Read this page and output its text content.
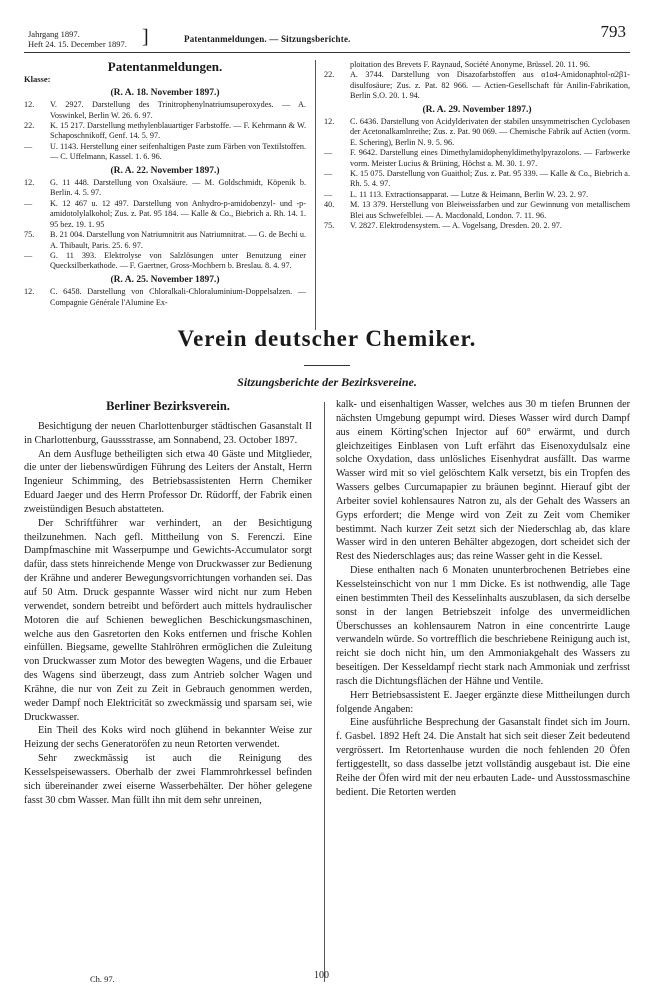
Jahrgang 1897.
Heft 24. 15. December 1897. ]	Patentanmeldungen. — Sitzungsberichte.	793
Patentanmeldungen.
Klasse:
(R. A. 18. November 1897.)
12.	V. 2927. Darstellung des Trinitrophenylnatriumsuperoxydes. — A. Voswinkel, Berlin W. 26. 6. 97.
22.	K. 15 217. Darstellung methylenblauartiger Farbstoffe. — F. Kehrmann & W. Schaposchnikoff, Genf. 14. 5. 97.
—	U. 1143. Herstellung einer seifenhaltigen Paste zum Färben von Textilstoffen. — C. Uffelmann, Kassel. 1. 6. 96.
(R. A. 22. November 1897.)
12.	G. 11 448. Darstellung von Oxalsäure. — M. Goldschmidt, Köpenik b. Berlin. 4. 5. 97.
—	K. 12 467 u. 12 497. Darstellung von Anhydro-p-amidobenzyl- und -p-amidotolylalkohol; Zus. z. Pat. 95 184. — Kalle & Co., Biebrich a. Rh. 14. 1. 95 bez. 19. 1. 95
75.	B. 21 004. Darstellung von Natriumnitrit aus Natriumnitrat. — G. de Bechi u. A. Thibault, Paris. 25. 6. 97.
—	G. 11 393. Elektrolyse von Salzlösungen unter Benutzung einer Quecksilberkathode. — F. Gaertner, Gross-Mochbern b. Breslau. 8. 4. 97.
(R. A. 25. November 1897.)
12.	C. 6458. Darstellung von Chloralkali-Chloraluminium-Doppelsalzen. — Compagnie Générale l'Alumine Ex-
ploitation des Brevets F. Raynaud, Société Anonyme, Brüssel. 20. 11. 96.
22.	A. 3744. Darstellung von Disazofarbstoffen aus α1α4-Amidonaphtol-α2β1-disulfosäure; Zus. z. Pat. 82 966. — Actien-Gesellschaft für Anilin-Fabrikation, Berlin S.O. 20. 1. 94.
(R. A. 29. November 1897.)
12.	C. 6436. Darstellung von Acidylderivaten der stabilen unsymmetrischen Cyclobasen der Acetonalkamlnreihe; Zus. z. Pat. 90 069. — Chemische Fabrik auf Actien (vorm. E. Schering), Berlin N. 9. 5. 96.
—	F. 9642. Darstellung eines Dimethylamidophenyldimethylpyrazolons. — Farbwerke vorm. Meister Lucius & Brüning, Höchst a. M. 30. 1. 97.
—	K. 15 075. Darstellung von Guaithol; Zus. z. Pat. 95 339. — Kalle & Co., Biebrich a. Rh. 5. 4. 97.
—	L. 11 113. Extractionsapparat. — Lutze & Heimann, Berlin W. 23. 2. 97.
40.	M. 13 379. Herstellung von Bleiweissfarben und zur Gewinnung von metallischem Blei aus Schwefelblei. — A. Macdonald, London. 7. 11. 96.
75.	V. 2827. Elektrodensystem. — A. Vogelsang, Dresden. 20. 2. 97.
Verein deutscher Chemiker.
Sitzungsberichte der Bezirksvereine.
Berliner Bezirksverein.

Besichtigung der neuen Charlottenburger städtischen Gasanstalt II in Charlottenburg, Gaussstrasse, am Sonnabend, 23. October 1897.

An dem Ausfluge betheiligten sich etwa 40 Gäste und Mitglieder, die unter der liebenswürdigen Führung des Leiters der Anstalt, Herrn Ingenieur Schimming, des Betriebsassistenten Herrn Chemiker Eduard Jaeger und des Herrn Professor Dr. Rüdorff, der Fabrik einen zweistündigen Besuch abstatteten.

Der Schriftführer war verhindert, an der Besichtigung theilzunehmen. Nach gefl. Mittheilung von S. Ferenczi. Eine Dampfmaschine mit Wasserpumpe und Gewichts-Accumulator sorgt dafür, dass stets hinreichende Menge von Druckwasser zur Bedienung der Krähne und anderer Bewegungsvorrichtungen vorhanden sei. Das auf 50 Atm. Druck gespannte Wasser wird nicht nur zum Heben verwendet, sondern betreibt und befördert auch mittels hydraulischer Motoren die auf Schienen beweglichen Beschickungsmaschinen, welche aus den Gasretorten den Koks entfernen und frische Kohlen einfüllen. Biegsame, gewellte Stahlröhren ermöglichen die Zuleitung von Druckwasser zum Motor des bewegten Wagens, und die Erbauer des Wagens sind überzeugt, dass zum Antrieb solcher Wagen und Krähne, die nur von Zeit zu Zeit in Gebrauch genommen werden, weder Dampf noch Elektricität so zweckmässig und sparsam sei, wie Druckwasser.

Ein Theil des Koks wird noch glühend in bekannter Weise zur Heizung der sechs Generatoröfen zu neun Retorten verwendet.

Sehr zweckmässig ist auch die Reinigung des Kesselspeisewassers. Oberhalb der zwei Flammrohrkessel befinden sich übereinander zwei eiserne Wasserbehälter. Der höher gelegene fasst 30 cbm Wasser. Man füllt ihn mit dem sehr unreinen,

kalk- und eisenhaltigen Wasser, welches aus 30 m tiefen Brunnen der nächsten Umgebung gepumpt wird. Dieses Wasser wird durch Dampf aus einem Körting'schen Injector auf 60° erwärmt, und durch gleichzeitiges Einblasen von Luft erfährt das Eisenoxydulsalz eine solche Oxydation, dass unlösliches Eisenhydrat ausfällt. Das warme Wasser wird mit so viel gelöschtem Kalk versetzt, bis ein Tropfen des Wassers gelbes Curcumapapier zu bräunen beginnt. Hierauf gibt der Arbeiter soviel kohlensaures Natron zu, als der Gehalt des Wassers an Gyps erfordert; die Menge wird von Zeit zu Zeit vom Chemiker bestimmt. Nach kurzer Zeit setzt sich der Niederschlag ab, das klare Wasser wird in den unteren Behälter abgezogen, dort scheidet sich der Rest des Niederschlages aus; das reine Wasser geht in die Kessel.

Diese enthalten nach 6 Monaten ununterbrochenen Betriebes eine Kesselsteinschicht von nur 1 mm Dicke. Es ist nothwendig, alle Tage einen bestimmten Theil des Kesselinhalts auszublasen, da sich derselbe sonst in der langen Betriebszeit infolge des unvermeidlichen Überschusses an kohlensaurem Natron in eine concentrirte Lauge verwandeln würde. So vortrefflich die beschriebene Reinigung auch ist, reicht sie doch nicht hin, um den Ammoniakgehalt des Wassers zu beseitigen. Der Kesseldampf riecht stark nach Ammoniak und zerfrisst rasch die Dichtungsflächen der Hähne und Ventile.

Herr Betriebsassistent E. Jaeger ergänzte diese Mittheilungen durch folgende Angaben:

Eine ausführliche Besprechung der Gasanstalt findet sich im Journ. f. Gasbel. 1892 Heft 24. Die Anstalt hat sich seit dieser Zeit bedeutend vergrössert. Im Retortenhause wurden die noch fehlenden 20 Öfen fertiggestellt, so dass dasselbe jetzt vollständig ausgebaut ist. Die eine Reihe der Öfen wird mit der neu erbauten Lade- und Ausstossmaschine bedient. Die Retorten werden

Ch. 97.	100
